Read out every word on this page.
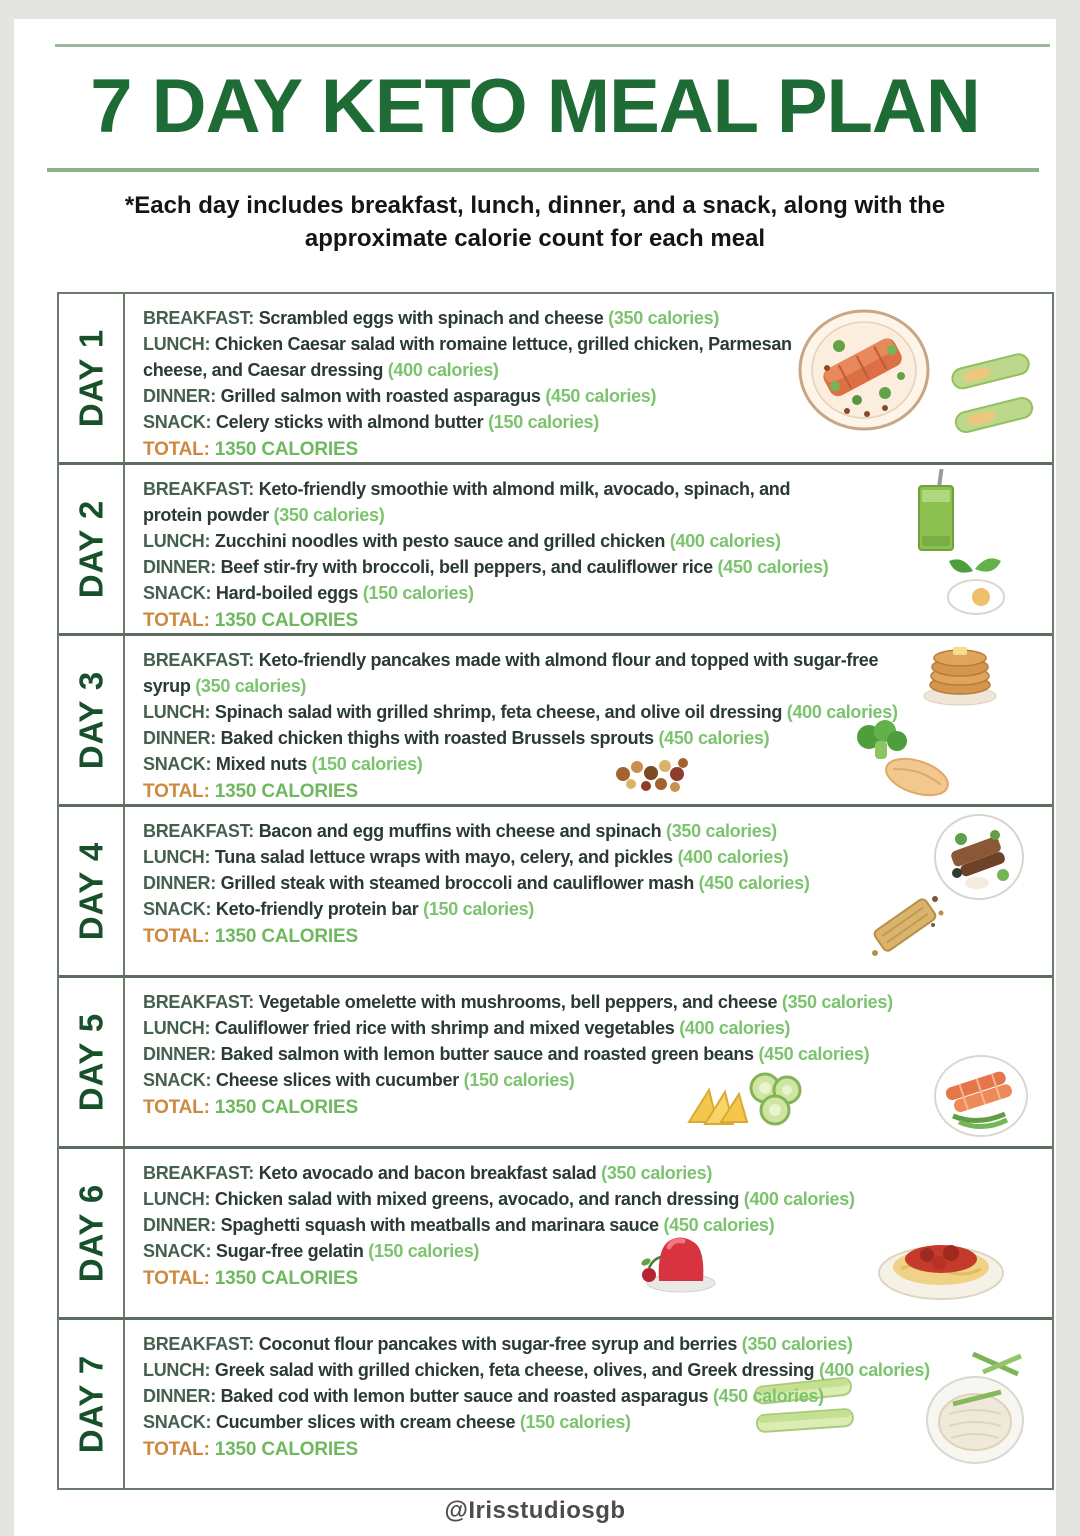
7 DAY KETO MEAL PLAN
*Each day includes breakfast, lunch, dinner, and a snack, along with the approximate calorie count for each meal
DAY 1
BREAKFAST: Scrambled eggs with spinach and cheese (350 calories)
LUNCH: Chicken Caesar salad with romaine lettuce, grilled chicken, Parmesan cheese, and Caesar dressing (400 calories)
DINNER: Grilled salmon with roasted asparagus (450 calories)
SNACK: Celery sticks with almond butter (150 calories)
TOTAL: 1350 CALORIES
DAY 2
BREAKFAST: Keto-friendly smoothie with almond milk, avocado, spinach, and protein powder (350 calories)
LUNCH: Zucchini noodles with pesto sauce and grilled chicken (400 calories)
DINNER: Beef stir-fry with broccoli, bell peppers, and cauliflower rice (450 calories)
SNACK: Hard-boiled eggs (150 calories)
TOTAL: 1350 CALORIES
DAY 3
BREAKFAST: Keto-friendly pancakes made with almond flour and topped with sugar-free syrup (350 calories)
LUNCH: Spinach salad with grilled shrimp, feta cheese, and olive oil dressing (400 calories)
DINNER: Baked chicken thighs with roasted Brussels sprouts (450 calories)
SNACK: Mixed nuts (150 calories)
TOTAL: 1350 CALORIES
DAY 4
BREAKFAST: Bacon and egg muffins with cheese and spinach (350 calories)
LUNCH: Tuna salad lettuce wraps with mayo, celery, and pickles (400 calories)
DINNER: Grilled steak with steamed broccoli and cauliflower mash (450 calories)
SNACK: Keto-friendly protein bar (150 calories)
TOTAL: 1350 CALORIES
DAY 5
BREAKFAST: Vegetable omelette with mushrooms, bell peppers, and cheese (350 calories)
LUNCH: Cauliflower fried rice with shrimp and mixed vegetables (400 calories)
DINNER: Baked salmon with lemon butter sauce and roasted green beans (450 calories)
SNACK: Cheese slices with cucumber (150 calories)
TOTAL: 1350 CALORIES
DAY 6
BREAKFAST: Keto avocado and bacon breakfast salad (350 calories)
LUNCH: Chicken salad with mixed greens, avocado, and ranch dressing (400 calories)
DINNER: Spaghetti squash with meatballs and marinara sauce (450 calories)
SNACK: Sugar-free gelatin (150 calories)
TOTAL: 1350 CALORIES
DAY 7
BREAKFAST: Coconut flour pancakes with sugar-free syrup and berries (350 calories)
LUNCH: Greek salad with grilled chicken, feta cheese, olives, and Greek dressing (400 calories)
DINNER: Baked cod with lemon butter sauce and roasted asparagus (450 calories)
SNACK: Cucumber slices with cream cheese (150 calories)
TOTAL: 1350 CALORIES
@Irisstudiosgb
